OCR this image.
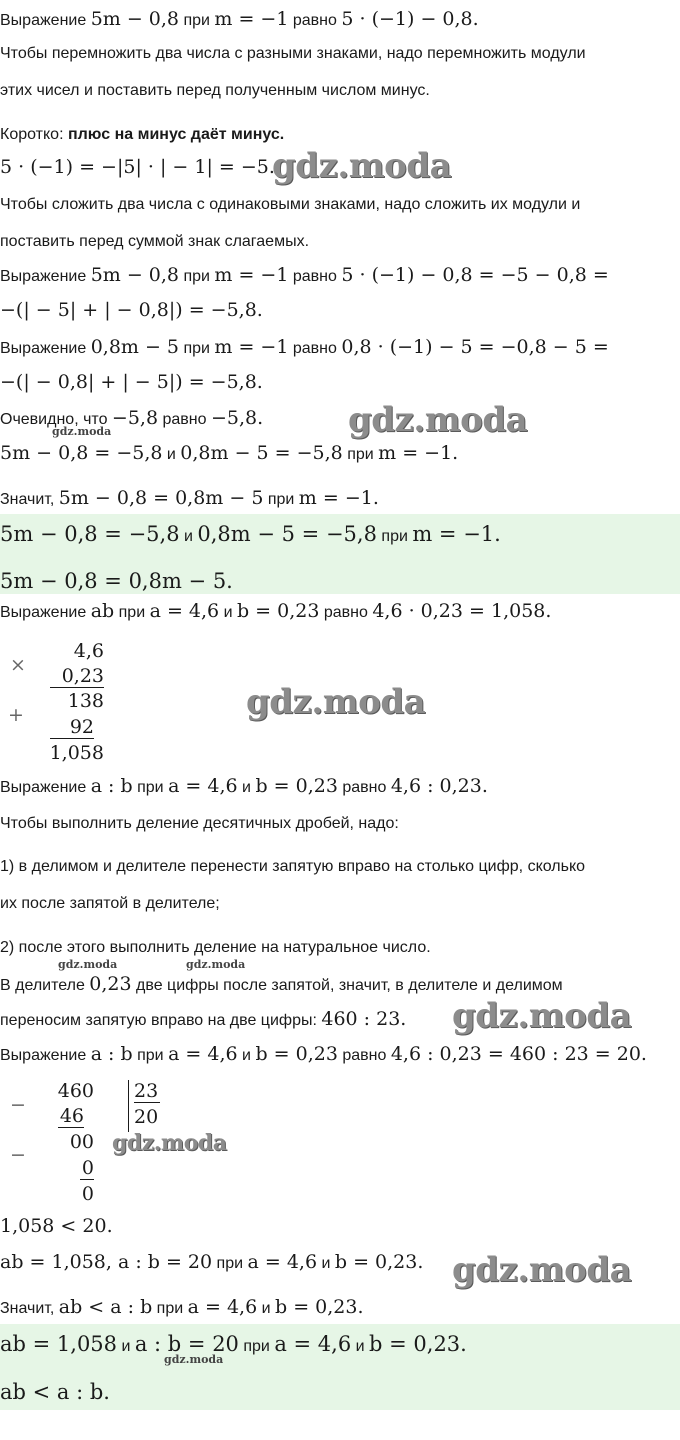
Выражение 5m − 0,8 при m = −1 равно 5 · (−1) − 0,8.
Чтобы перемножить два числа с разными знаками, надо перемножить модули
этих чисел и поставить перед полученным числом минус.
Коротко: плюс на минус даёт минус.
5 · (−1) = −|5| · | − 1| = −5.
Чтобы сложить два числа с одинаковыми знаками, надо сложить их модули и
поставить перед суммой знак слагаемых.
Выражение 5m − 0,8 при m = −1 равно 5 · (−1) − 0,8 = −5 − 0,8 =
−(| − 5| + | − 0,8|) = −5,8.
Выражение 0,8m − 5 при m = −1 равно 0,8 · (−1) − 5 = −0,8 − 5 =
−(| − 0,8| + | − 5|) = −5,8.
Очевидно, что −5,8 равно −5,8.
5m − 0,8 = −5,8 и 0,8m − 5 = −5,8 при m = −1.
Значит, 5m − 0,8 = 0,8m − 5 при m = −1.
5m − 0,8 = −5,8 и 0,8m − 5 = −5,8 при m = −1.
5m − 0,8 = 0,8m − 5.
Выражение ab при a = 4,6 и b = 0,23 равно 4,6 · 0,23 = 1,058.
×
4,6
0,23
138
+
92
1,058
Выражение a : b при a = 4,6 и b = 0,23 равно 4,6 : 0,23.
Чтобы выполнить деление десятичных дробей, надо:
1) в делимом и делителе перенести запятую вправо на столько цифр, сколько
их после запятой в делителе;
2) после этого выполнить деление на натуральное число.
В делителе 0,23 две цифры после запятой, значит, в делителе и делимом
переносим запятую вправо на две цифры: 460 : 23.
Выражение a : b при a = 4,6 и b = 0,23 равно 4,6 : 0,23 = 460 : 23 = 20.
−
460
46
00
−
0
0
23
20
1,058 < 20.
ab = 1,058, a : b = 20 при a = 4,6 и b = 0,23.
Значит, ab < a : b при a = 4,6 и b = 0,23.
ab = 1,058 и a : b = 20 при a = 4,6 и b = 0,23.
ab < a : b.
gdz.moda
gdz.moda
gdz.moda
gdz.moda
gdz.moda	gdz.moda
gdz.moda
gdz.moda
gdz.moda
gdz.moda
